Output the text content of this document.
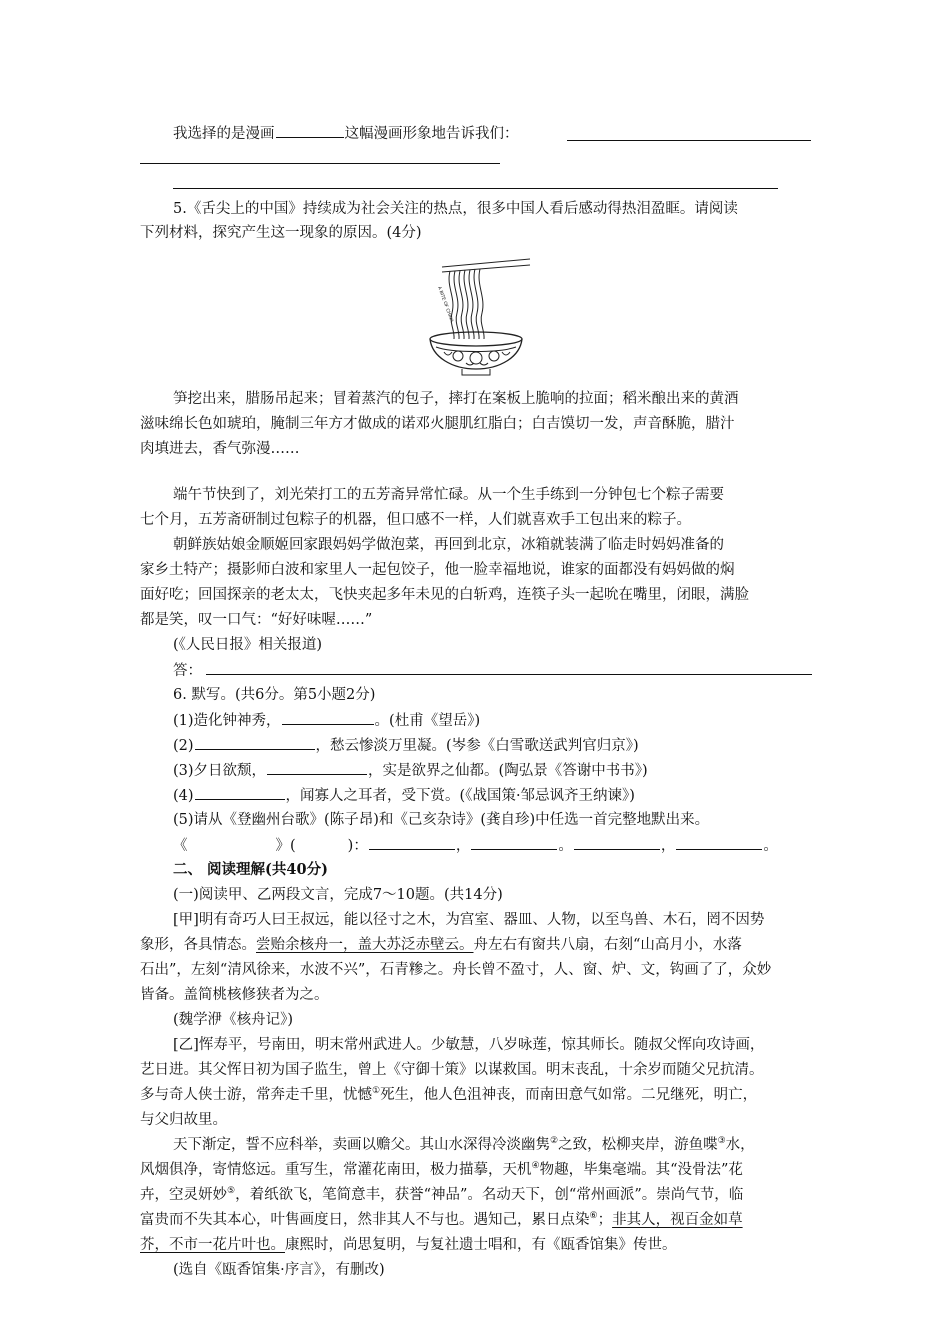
我选择的是漫画	这幅漫画形象地告诉我们：
5.《舌尖上的中国》持续成为社会关注的热点，很多中国人看后感动得热泪盈眶。请阅读
下列材料，探究产生这一现象的原因。(4分)
A BITE OF CHINA
笋挖出来，腊肠吊起来；冒着蒸汽的包子，摔打在案板上脆响的拉面；稻米酿出来的黄酒
滋味绵长色如琥珀，腌制三年方才做成的诺邓火腿肌红脂白；白吉馍切一发，声音酥脆，腊汁
肉填进去，香气弥漫……
端午节快到了，刘光荣打工的五芳斋异常忙碌。从一个生手练到一分钟包七个粽子需要
七个月，五芳斋研制过包粽子的机器，但口感不一样，人们就喜欢手工包出来的粽子。
朝鲜族姑娘金顺姬回家跟妈妈学做泡菜，再回到北京，冰箱就装满了临走时妈妈准备的
家乡土特产；摄影师白波和家里人一起包饺子，他一脸幸福地说，谁家的面都没有妈妈做的焖
面好吃；回国探亲的老太太，飞快夹起多年未见的白斩鸡，连筷子头一起吮在嘴里，闭眼，满脸
都是笑，叹一口气：“好好味喔……”
(《人民日报》相关报道)
答：
6. 默写。(共6分。第5小题2分)
(1)造化钟神秀，	。(杜甫《望岳》)
(2)	，愁云惨淡万里凝。(岑参《白雪歌送武判官归京》)
(3)夕日欲颓，	，实是欲界之仙都。(陶弘景《答谢中书书》)
(4)	，闻寡人之耳者，受下赏。(《战国策·邹忌讽齐王纳谏》)
(5)请从《登幽州台歌》(陈子昂)和《己亥杂诗》(龚自珍)中任选一首完整地默出来。
《	》(	)：	，	。	，	。
二、 阅读理解(共40分)
(一)阅读甲、乙两段文言，完成7～10题。(共14分)
[甲]明有奇巧人曰王叔远，能以径寸之木，为宫室、器皿、人物，以至鸟兽、木石，罔不因势
象形，各具情态。尝贻余核舟一，盖大苏泛赤壁云。舟左右有窗共八扇，右刻“山高月小，水落
石出”，左刻“清风徐来，水波不兴”，石青糁之。舟长曾不盈寸，人、窗、炉、文，钩画了了，众妙
皆备。盖简桃核修狭者为之。
(魏学洢《核舟记》)
[乙]恽寿平，号南田，明末常州武进人。少敏慧，八岁咏莲，惊其师长。随叔父恽向攻诗画，
艺日进。其父恽日初为国子监生，曾上《守御十策》以谋救国。明末丧乱，十余岁而随父兄抗清。
多与奇人侠士游，常奔走千里，忧憾①死生，他人色沮神丧，而南田意气如常。二兄继死，明亡，
与父归故里。
天下渐定，誓不应科举，卖画以赡父。其山水深得冷淡幽隽②之致，松柳夹岸，游鱼喋③水，
风烟俱净，寄情悠远。重写生，常灌花南田，极力描摹，天机④物趣，毕集毫端。其“没骨法”花
卉，空灵妍妙⑤，着纸欲飞，笔简意丰，获誉“神品”。名动天下，创“常州画派”。崇尚气节，临
富贵而不失其本心，叶售画度日，然非其人不与也。遇知己，累日点染⑥；非其人，视百金如草
芥，不市一花片叶也。康熙时，尚思复明，与复社遗士唱和，有《瓯香馆集》传世。
(选自《瓯香馆集·序言》，有删改)
